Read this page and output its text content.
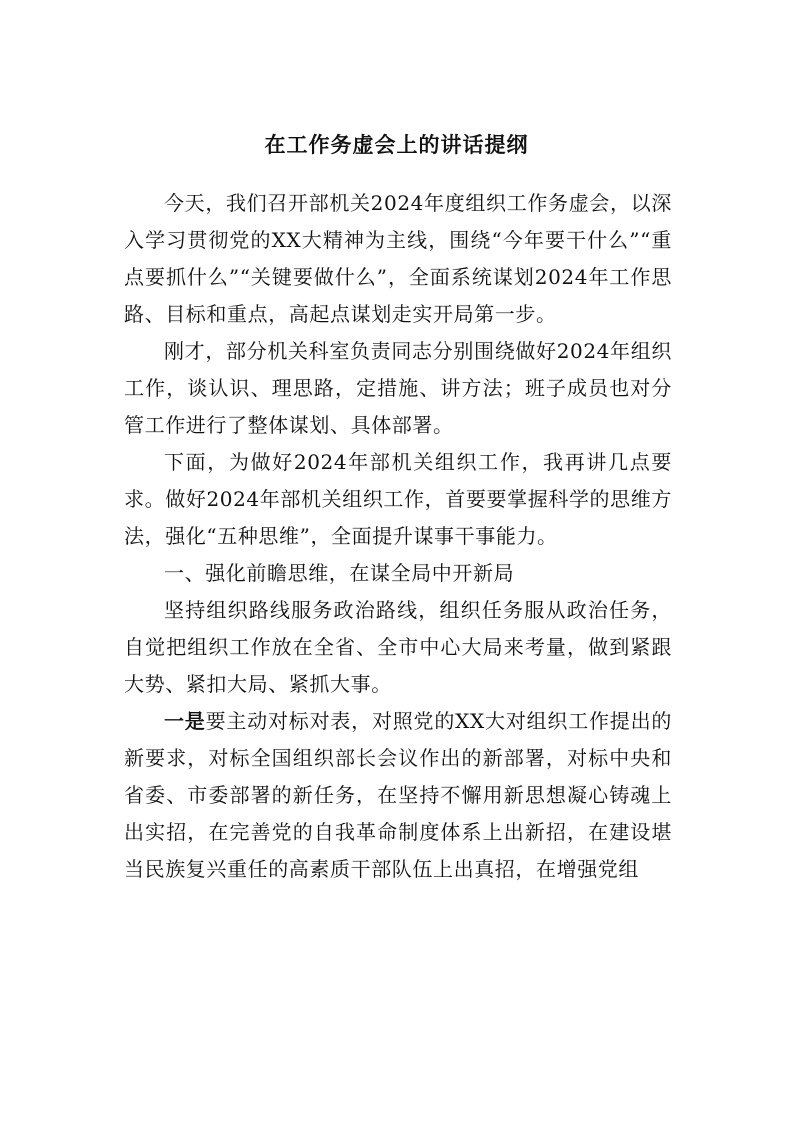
在工作务虚会上的讲话提纲

今天，我们召开部机关2024年度组织工作务虚会，以深入学习贯彻党的XX大精神为主线，围绕“今年要干什么”“重点要抓什么”“关键要做什么”，全面系统谋划2024年工作思路、目标和重点，高起点谋划走实开局第一步。

刚才，部分机关科室负责同志分别围绕做好2024年组织工作，谈认识、理思路，定措施、讲方法；班子成员也对分管工作进行了整体谋划、具体部署。

下面，为做好2024年部机关组织工作，我再讲几点要求。做好2024年部机关组织工作，首要要掌握科学的思维方法，强化“五种思维”，全面提升谋事干事能力。

一、强化前瞻思维，在谋全局中开新局

坚持组织路线服务政治路线，组织任务服从政治任务，自觉把组织工作放在全省、全市中心大局来考量，做到紧跟大势、紧扣大局、紧抓大事。

一是要主动对标对表，对照党的XX大对组织工作提出的新要求，对标全国组织部长会议作出的新部署，对标中央和省委、市委部署的新任务，在坚持不懈用新思想凝心铸魂上出实招，在完善党的自我革命制度体系上出新招，在建设堪当民族复兴重任的高素质干部队伍上出真招，在增强党组
